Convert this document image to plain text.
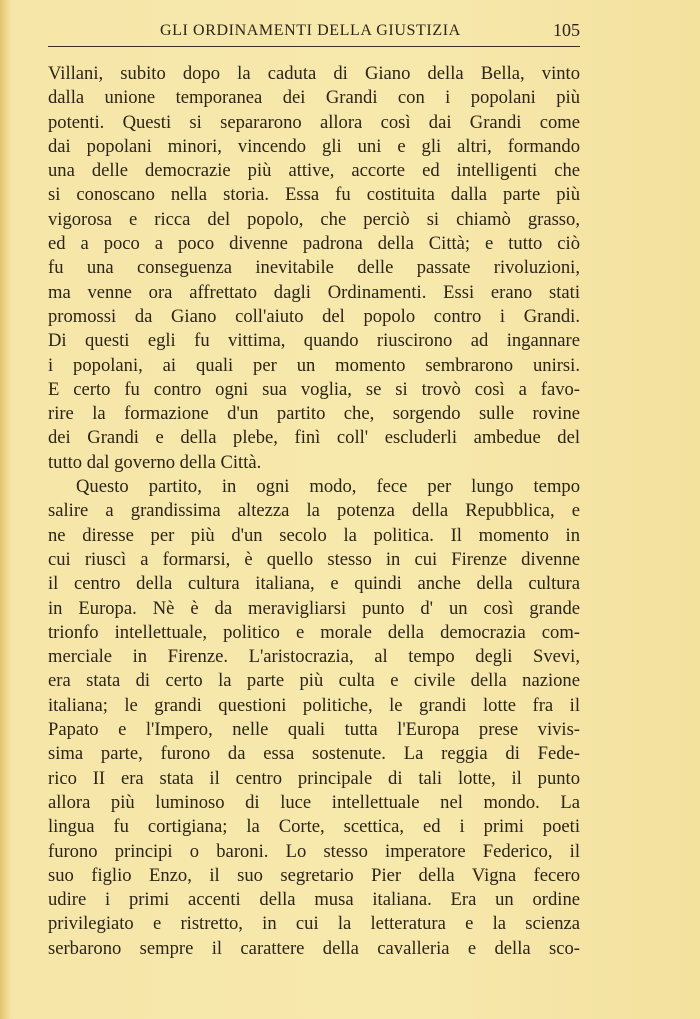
GLI ORDINAMENTI DELLA GIUSTIZIA	105
Villani, subito dopo la caduta di Giano della Bella, vinto
dalla unione temporanea dei Grandi con i popolani più
potenti. Questi si separarono allora così dai Grandi come
dai popolani minori, vincendo gli uni e gli altri, formando
una delle democrazie più attive, accorte ed intelligenti che
si conoscano nella storia. Essa fu costituita dalla parte più
vigorosa e ricca del popolo, che perciò si chiamò grasso,
ed a poco a poco divenne padrona della Città; e tutto ciò
fu una conseguenza inevitabile delle passate rivoluzioni,
ma venne ora affrettato dagli Ordinamenti. Essi erano stati
promossi da Giano coll'aiuto del popolo contro i Grandi.
Di questi egli fu vittima, quando riuscirono ad ingannare
i popolani, ai quali per un momento sembrarono unirsi.
E certo fu contro ogni sua voglia, se si trovò così a favo-
rire la formazione d'un partito che, sorgendo sulle rovine
dei Grandi e della plebe, finì coll' escluderli ambedue del
tutto dal governo della Città.
Questo partito, in ogni modo, fece per lungo tempo
salire a grandissima altezza la potenza della Repubblica, e
ne diresse per più d'un secolo la politica. Il momento in
cui riuscì a formarsi, è quello stesso in cui Firenze divenne
il centro della cultura italiana, e quindi anche della cultura
in Europa. Nè è da meravigliarsi punto d' un così grande
trionfo intellettuale, politico e morale della democrazia com-
merciale in Firenze. L'aristocrazia, al tempo degli Svevi,
era stata di certo la parte più culta e civile della nazione
italiana; le grandi questioni politiche, le grandi lotte fra il
Papato e l'Impero, nelle quali tutta l'Europa prese vivis-
sima parte, furono da essa sostenute. La reggia di Fede-
rico II era stata il centro principale di tali lotte, il punto
allora più luminoso di luce intellettuale nel mondo. La
lingua fu cortigiana; la Corte, scettica, ed i primi poeti
furono principi o baroni. Lo stesso imperatore Federico, il
suo figlio Enzo, il suo segretario Pier della Vigna fecero
udire i primi accenti della musa italiana. Era un ordine
privilegiato e ristretto, in cui la letteratura e la scienza
serbarono sempre il carattere della cavalleria e della sco-
